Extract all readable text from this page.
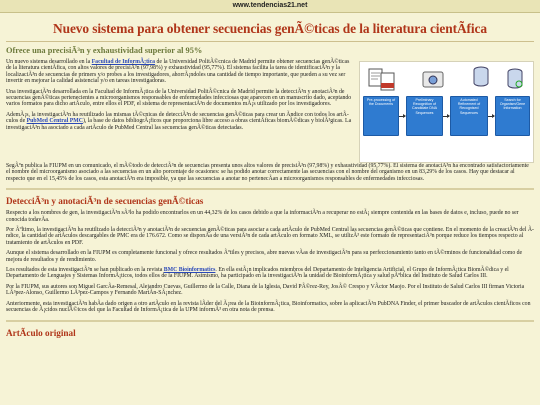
www.tendencias21.net
Nuevo sistema para obtener secuencias genÃ©ticas de la literatura cientÃfica
Ofrece una precisiÃ³n y exhaustividad superior al 95%

Un nuevo sistema desarrollado en la Facultad de InformÃ¡tica de la Universidad PolitÃ©cnica de Madrid permite obtener secuencias genÃ©ticas de la literatura cientÃfica, con altos valores de precisiÃ³n (97,98%) y exhaustividad (95,77%). El sistema facilita la tarea de identificaciÃ³n y la localizaciÃ³n de secuencias de primers y/o probes a los investigadores, ahorrÃ¡ndoles una cantidad de tiempo importante, que pueden a su vez ser invertir en mejorar la calidad asistencial y/o en tareas investigadoras.

Una investigaciÃ³n desarrollada en la Facultad de InformÃ¡tica de la Universidad PolitÃ©cnica de Madrid permite la detecciÃ³n y anotaciÃ³n de secuencias genÃ©ticas pertenecientes a microorganismos responsables de enfermedades infecciosas que aparecen en un manuscrito dado, aceptando varios formatos para dicho artÃculo, entre ellos el PDF, el sistema de representaciÃ³n de documentos mÃ¡s utilizado por los investigadores.

AdemÃ¡s, la investigaciÃ³n ha reutilizado las mismas tÃ©cnicas de detecciÃ³n de secuencias genÃ©ticas para crear un Ãndice con todos los artÃculos de PubMed Central PMC), la base de datos bibliogrÃ¡ficos que proporciona libre acceso a obras cientÃficas biomÃ©dicas y biolÃ³gicas. La investigaciÃ³n ha asociado a cada artÃculo de PubMed Central las secuencias genÃ©ticas detectadas.

Pre-processing of the Documents
Preliminary Recognition of Candidate DNA Sequences
Automated Refinement of Recognised Sequences
Search for Organism/Gene Information

SegÃºn publica la FIUPM en un comunicado, el mÃ©todo de detecciÃ³n de secuencias presenta unos altos valores de precisiÃ³n (97,98%) y exhaustividad (95,77%). El sistema de anotaciÃ³n ha encontrado satisfactoriamente el nombre del microorganismo asociado a las secuencias en un alto porcentaje de ocasiones: se ha podido anotar correctamente las secuencias con el nombre del organismo en un 83,29% de los casos. Hay que destacar al respecto que en el 15,45% de los casos, esta anotaciÃ³n era imposible, ya que las secuencias a anotar no pertenecÃan a microorganismos responsables de enfermedades infecciosas.

DetecciÃ³n y anotaciÃ³n de secuencias genÃ©ticas

Respecto a los nombres de gen, la investigaciÃ³n sÃ³lo ha podido encontrarlos en un 44,32% de los casos debido a que la informaciÃ³n a recuperar no estÃ¡ siempre contenida en las bases de datos e, incluso, puede no ser conocida todavÃa.

Por Ãºltimo, la investigaciÃ³n ha reutilizado la detecciÃ³n y anotaciÃ³n de secuencias genÃ©ticas para asociar a cada artÃculo de PubMed Central las secuencias genÃ©ticas que contiene. En el momento de la creaciÃ³n del Ãndice, la cantidad de artÃculos descargables de PMC era de 176.672. Como se disponÃa de una versiÃ³n de cada artÃculo en formato XML, se utilizÃ³ este formato de representaciÃ³n porque reduce los tiempos respecto al tratamiento de artÃculos en PDF.

Aunque el sistema desarrollado en la FIUPM es completamente funcional y ofrece resultados Ãºtiles y precisos, abre nuevas vÃas de investigaciÃ³n para su perfeccionamiento tanto en tÃ©rminos de funcionalidad como de mejora de resultados y de rendimiento.

Los resultados de esta investigaciÃ³n se han publicado en la revista BMC Bioinformatics. En ella estÃ¡n implicados miembros del Departamento de Inteligencia Artificial, el Grupo de InformÃ¡tica BiomÃ©dica y el Departamento de Lenguajes y Sistemas InformÃ¡ticos, todos ellos de la FIUPM. Asimismo, ha participado en la investigaciÃ³n la unidad de BioinformÃ¡tica y salud pÃºblica del Instituto de Salud Carlos III.

Por la FIUPM, sus autores son Miguel GarcÃa-Remesal, Alejandro Cuevas, Guillermo de la Calle, Diana de la Iglesia, David PÃ©rez-Rey, JosÃ© Crespo y VÃctor Maojo. Por el Instituto de Salud Carlos III firman Victoria LÃ³pez-Alonso, Guillermo LÃ³pez-Campos y Fernando MartÃn-SÃ¡nchez.

Anteriormente, esta investigaciÃ³n habÃa dado origen a otro artÃculo en la revista lÃder del Ã¡rea de la BioinformÃ¡tica, Bioinformatics, sobre la aplicaciÃ³n PubDNA Finder, el primer buscador de artÃculos cientÃficos con secuencias de Ã¡cidos nuclÃ©icos del que la Facultad de InformÃ¡tica de la UPM informÃ³ en otra nota de prensa.

ArtÃculo original
